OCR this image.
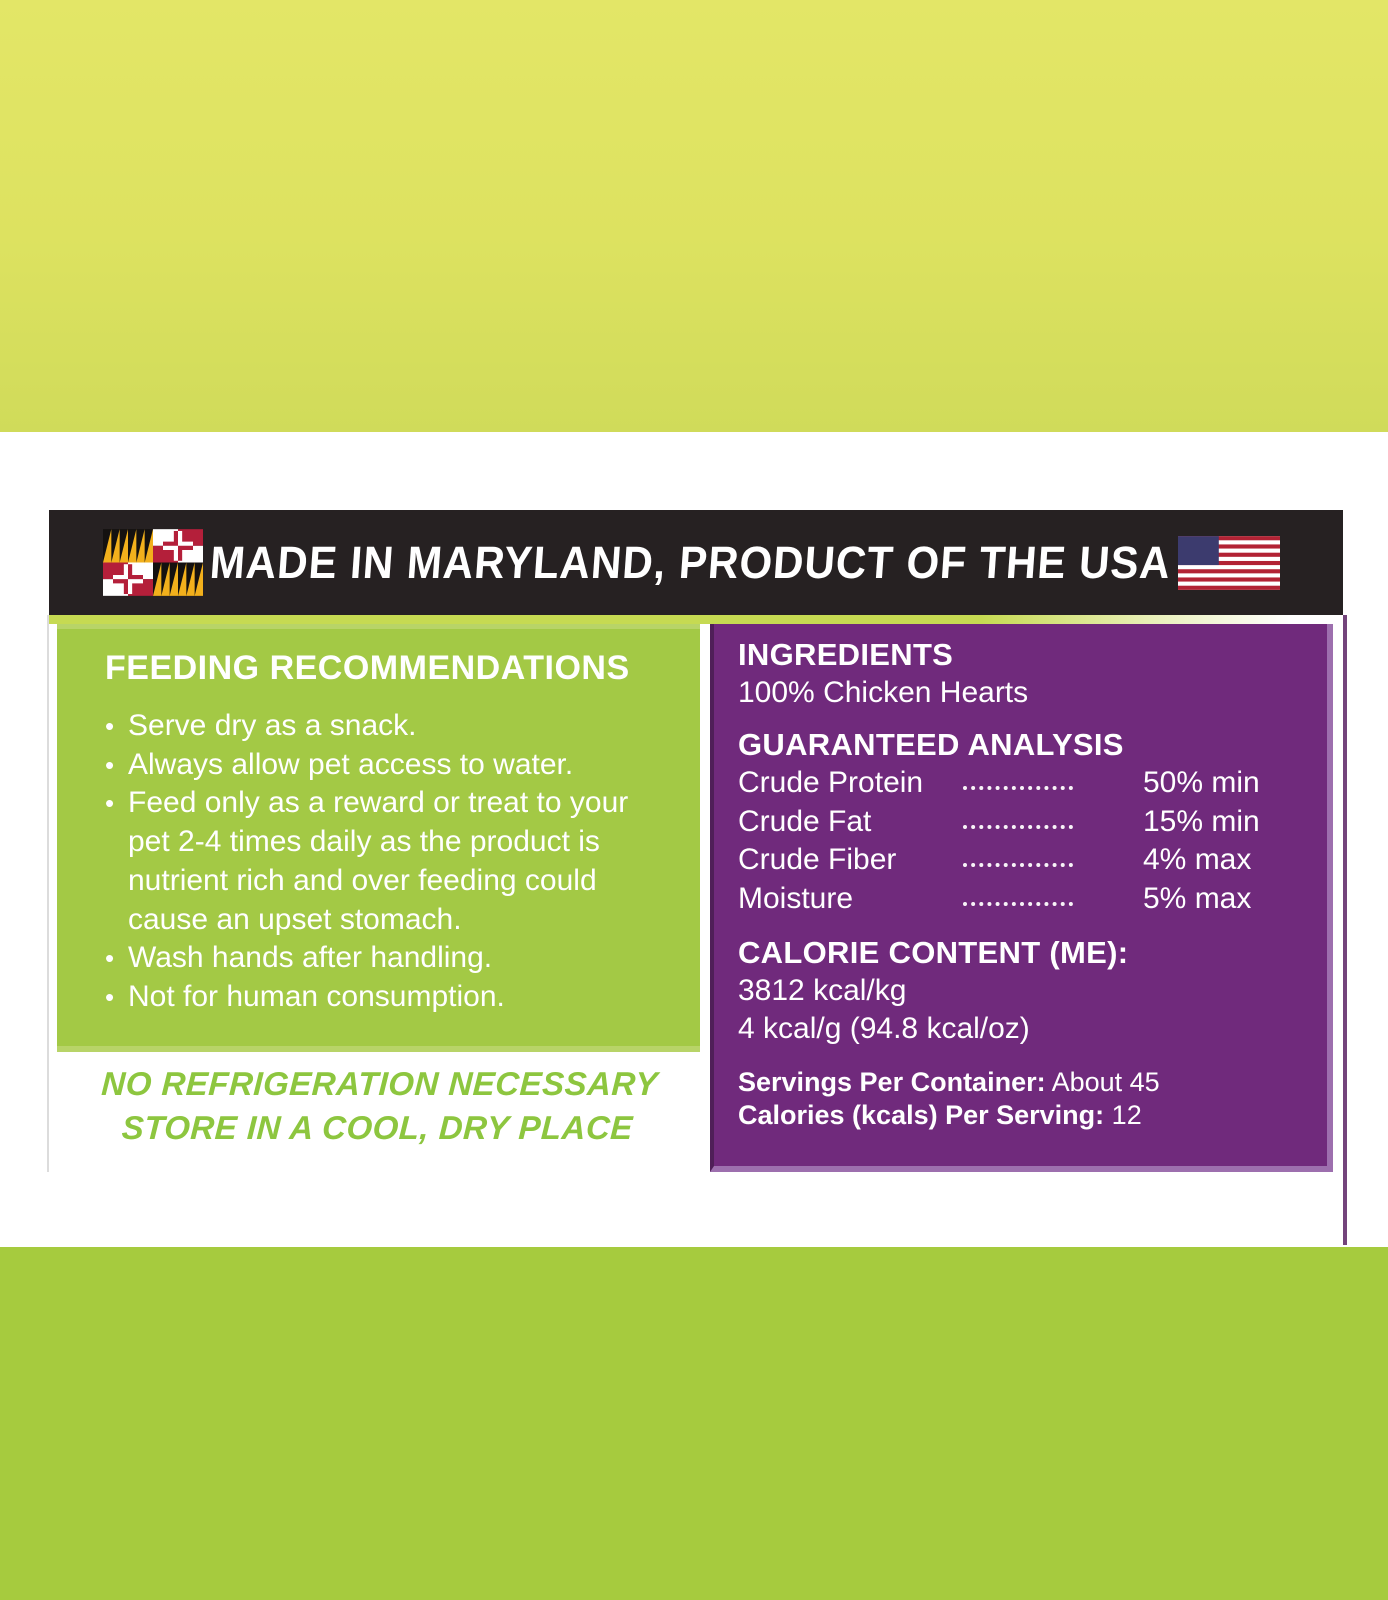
MADE IN MARYLAND, PRODUCT OF THE USA
FEEDING RECOMMENDATIONS
• Serve dry as a snack.
• Always allow pet access to water.
• Feed only as a reward or treat to your pet 2-4 times daily as the product is nutrient rich and over feeding could cause an upset stomach.
• Wash hands after handling.
• Not for human consumption.
NO REFRIGERATION NECESSARY
STORE IN A COOL, DRY PLACE
INGREDIENTS
100% Chicken Hearts
GUARANTEED ANALYSIS
Crude Protein	50% min
Crude Fat	15% min
Crude Fiber	4% max
Moisture	5% max
CALORIE CONTENT (ME):
3812 kcal/kg
4 kcal/g (94.8 kcal/oz)
Servings Per Container: About 45
Calories (kcals) Per Serving: 12
